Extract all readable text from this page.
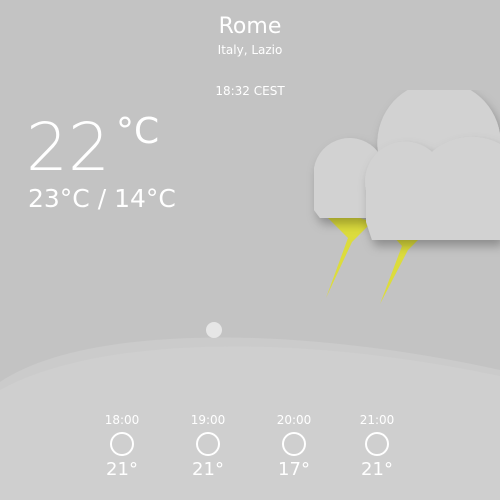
Rome
Italy, Lazio
18:32 CEST
22 °C
23°C / 14°C
18:00
21°
19:00
21°
20:00
17°
21:00
21°
